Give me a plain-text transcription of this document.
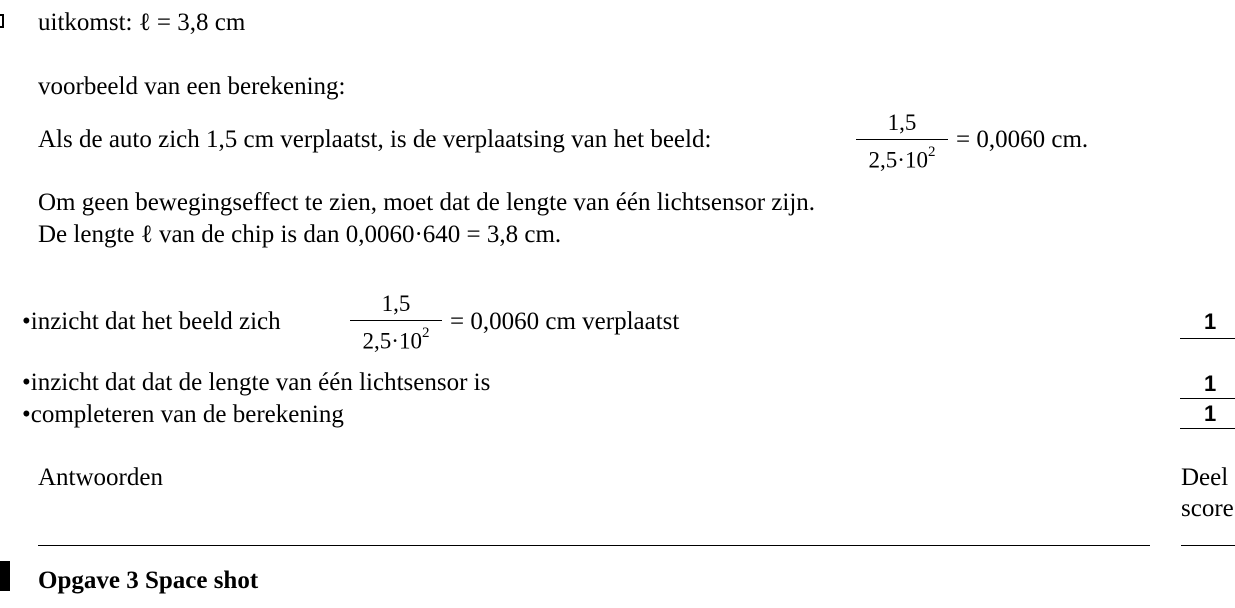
uitkomst: ℓ = 3,8 cm
voorbeeld van een berekening:
Als de auto zich 1,5 cm verplaatst, is de verplaatsing van het beeld:
1,5
$2,5\cdot 10^2 = 0,0060$ cm.
Om geen bewegingseffect te zien, moet dat de lengte van één lichtsensor zijn.
De lengte ℓ van de chip is dan 0,0060·640 = 3,8 cm.
•inzicht dat het beeld zich
1,5
$2,5\cdot 10^2 = 0,0060$ cm verplaatst	1
•inzicht dat dat de lengte van één lichtsensor is	1
•completeren van de berekening	1
Antwoorden	Deel
score
Opgave 3 Space shot
